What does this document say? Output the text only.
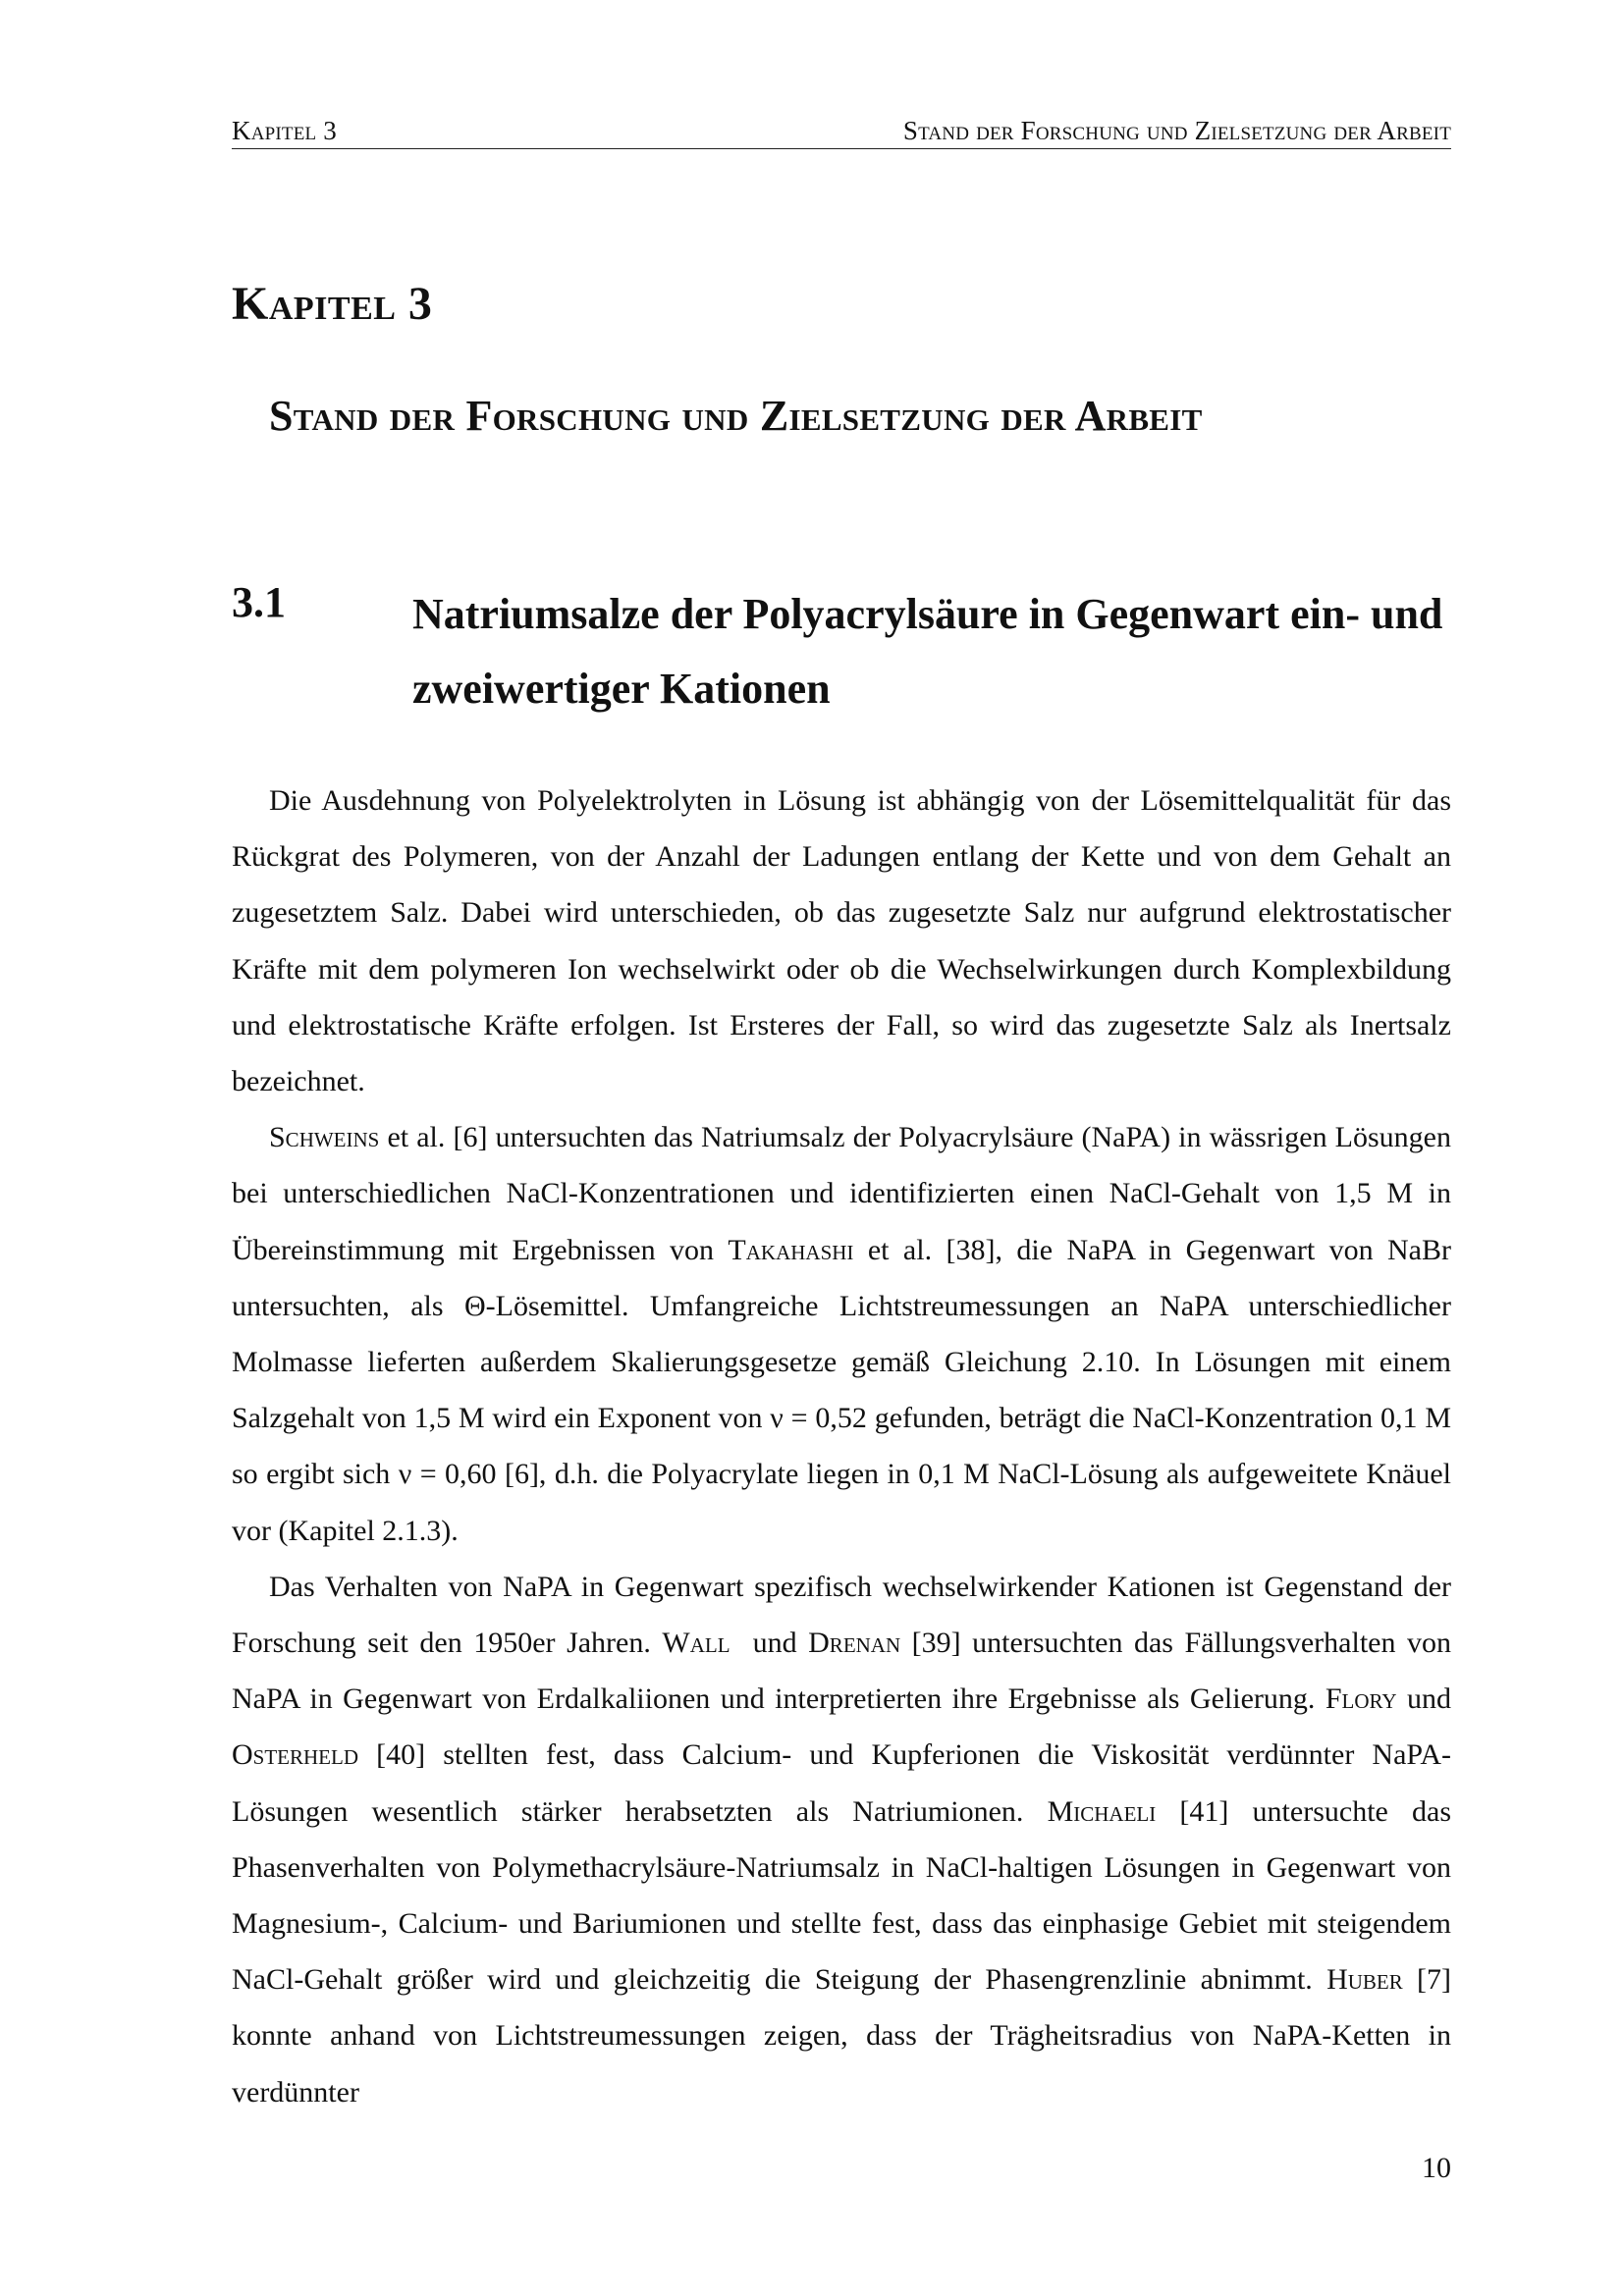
Kapitel 3	Stand der Forschung und Zielsetzung der Arbeit
Kapitel 3
Stand der Forschung und Zielsetzung der Arbeit
3.1	Natriumsalze der Polyacrylsäure in Gegenwart ein- und zweiwertiger Kationen

Die Ausdehnung von Polyelektrolyten in Lösung ist abhängig von der Lösemittelqualität für das Rückgrat des Polymeren, von der Anzahl der Ladungen entlang der Kette und von dem Gehalt an zugesetztem Salz. Dabei wird unterschieden, ob das zugesetzte Salz nur aufgrund elektrostatischer Kräfte mit dem polymeren Ion wechselwirkt oder ob die Wechselwirkungen durch Komplexbildung und elektrostatische Kräfte erfolgen. Ist Ersteres der Fall, so wird das zugesetzte Salz als Inertsalz bezeichnet.

Schweins et al. [6] untersuchten das Natriumsalz der Polyacrylsäure (NaPA) in wässrigen Lösungen bei unterschiedlichen NaCl-Konzentrationen und identifizierten einen NaCl-Gehalt von 1,5 M in Übereinstimmung mit Ergebnissen von Takahashi et al. [38], die NaPA in Gegenwart von NaBr untersuchten, als Θ-Lösemittel. Umfangreiche Lichtstreumessungen an NaPA unterschiedlicher Molmasse lieferten außerdem Skalierungsgesetze gemäß Gleichung 2.10. In Lösungen mit einem Salzgehalt von 1,5 M wird ein Exponent von ν = 0,52 gefunden, beträgt die NaCl-Konzentration 0,1 M so ergibt sich ν = 0,60 [6], d.h. die Polyacrylate liegen in 0,1 M NaCl-Lösung als aufgeweitete Knäuel vor (Kapitel 2.1.3).

Das Verhalten von NaPA in Gegenwart spezifisch wechselwirkender Kationen ist Gegenstand der Forschung seit den 1950er Jahren. Wall  und Drenan [39] untersuchten das Fällungsverhalten von NaPA in Gegenwart von Erdalkaliionen und interpretierten ihre Ergebnisse als Gelierung. Flory und Osterheld [40] stellten fest, dass Calcium- und Kupferionen die Viskosität verdünnter NaPA-Lösungen wesentlich stärker herabsetzten als Natriumionen. Michaeli [41] untersuchte das Phasenverhalten von Polymethacrylsäure-Natriumsalz in NaCl-haltigen Lösungen in Gegenwart von Magnesium-, Calcium- und Bariumionen und stellte fest, dass das einphasige Gebiet mit steigendem NaCl-Gehalt größer wird und gleichzeitig die Steigung der Phasengrenzlinie abnimmt. Huber [7] konnte anhand von Lichtstreumessungen zeigen, dass der Trägheitsradius von NaPA-Ketten in verdünnter

10
